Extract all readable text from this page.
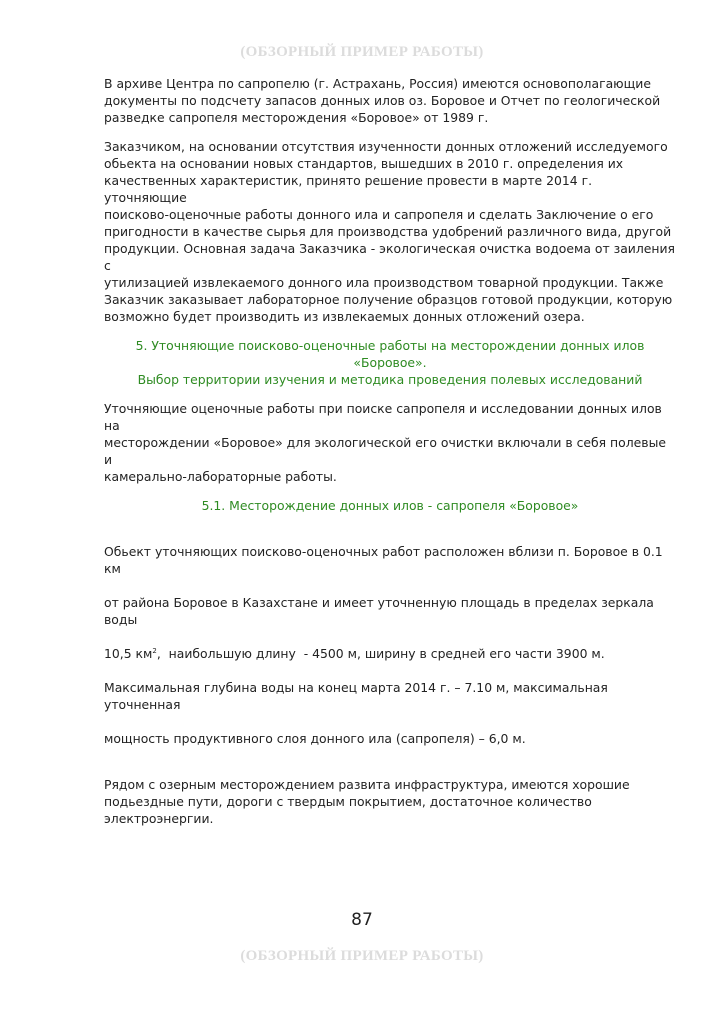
(ОБЗОРНЫЙ ПРИМЕР РАБОТЫ)

В архиве Центра по сапропелю (г. Астрахань, Россия) имеются основополагающие
документы по подсчету запасов донных илов оз. Боровое и Отчет по геологической
разведке сапропеля месторождения «Боровое» от 1989 г.

Заказчиком, на основании отсутствия изученности донных отложений исследуемого
обьекта на основании новых стандартов, вышедших в 2010 г. определения их
качественных характеристик, принято решение провести в марте 2014 г. уточняющие
поисково-оценочные работы донного ила и сапропеля и сделать Заключение о его
пригодности в качестве сырья для производства удобрений различного вида, другой
продукции. Основная задача Заказчика - экологическая очистка водоема от заиления с
утилизацией извлекаемого донного ила производством товарной продукции. Также
Заказчик заказывает лабораторное получение образцов готовой продукции, которую
возможно будет производить из извлекаемых донных отложений озера.

5. Уточняющие поисково-оценочные работы на месторождении донных илов «Боровое».
Выбор территории изучения и методика проведения полевых исследований

Уточняющие оценочные работы при поиске сапропеля и исследовании донных илов на
месторождении «Боровое» для экологической его очистки включали в себя полевые и
камерально-лабораторные работы.

5.1. Месторождение донных илов - сапропеля «Боровое»

Обьект уточняющих поисково-оценочных работ расположен вблизи п. Боровое в 0.1 км

от района Боровое в Казахстане и имеет уточненную площадь в пределах зеркала воды

10,5 $км^2$,  наибольшую длину  - 4500 м, ширину в средней его части 3900 м.

Максимальная глубина воды на конец марта 2014 г. – 7.10 м, максимальная уточненная

мощность продуктивного слоя донного ила (сапропеля) – 6,0 м.

Рядом с озерным месторождением развита инфраструктура, имеются хорошие
подьездные пути, дороги с твердым покрытием, достаточное количество
электроэнергии.

87
(ОБЗОРНЫЙ ПРИМЕР РАБОТЫ)
